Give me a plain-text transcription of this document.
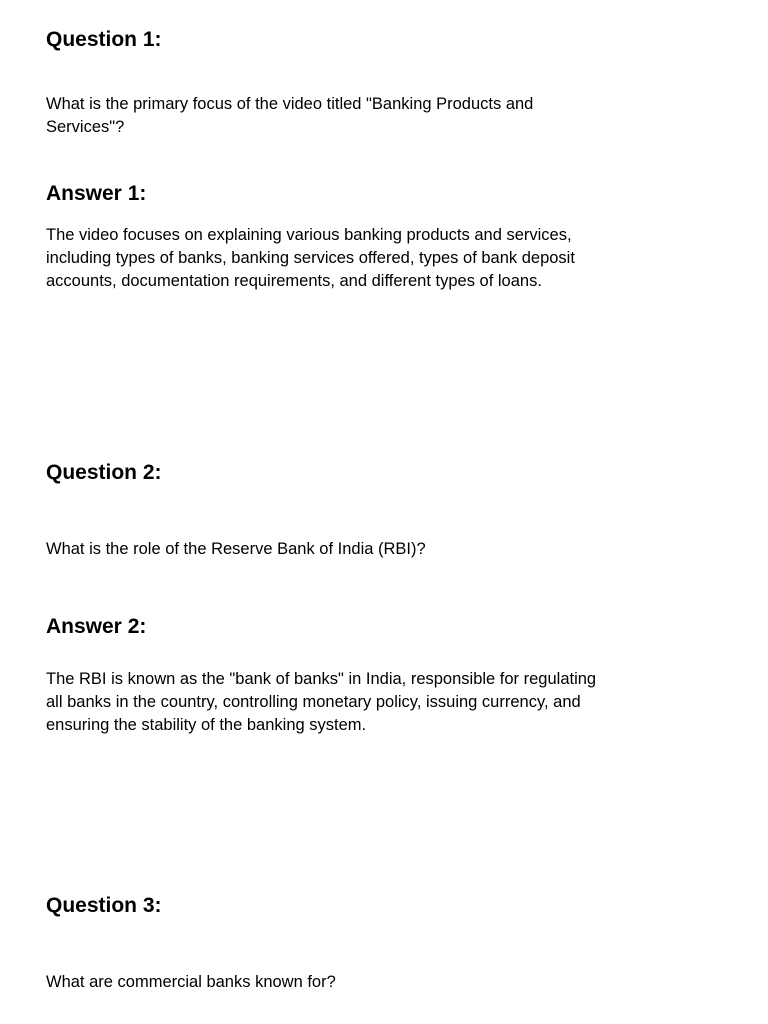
Question 1:

What is the primary focus of the video titled "Banking Products and Services"?

Answer 1:

The video focuses on explaining various banking products and services, including types of banks, banking services offered, types of bank deposit accounts, documentation requirements, and different types of loans.

Question 2:

What is the role of the Reserve Bank of India (RBI)?

Answer 2:

The RBI is known as the "bank of banks" in India, responsible for regulating all banks in the country, controlling monetary policy, issuing currency, and ensuring the stability of the banking system.

Question 3:

What are commercial banks known for?
